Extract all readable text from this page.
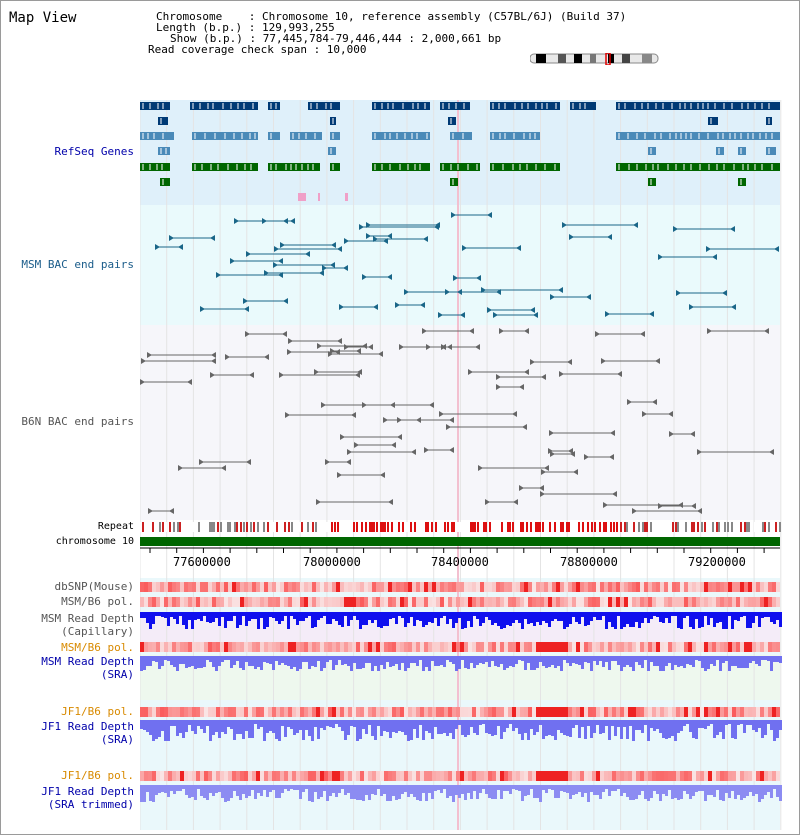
Map View	Chromosome    : Chromosome 10, reference assembly (C57BL/6J) (Build 37)
Length (b.p.) : 129,993,255
Show (b.p.) : 77,445,784-79,446,444 : 2,000,661 bp
Read coverage check span : 10,000
RefSeq Genes
MSM BAC end pairs
B6N BAC end pairs
Repeat
chromosome 10
dbSNP(Mouse)
MSM/B6 pol.
MSM Read Depth
(Capillary)
MSM/B6 pol.
MSM Read Depth
(SRA)
JF1/B6 pol.
JF1 Read Depth
(SRA)
JF1/B6 pol.
JF1 Read Depth
(SRA trimmed)
77600000	78000000	78400000	78800000	79200000
